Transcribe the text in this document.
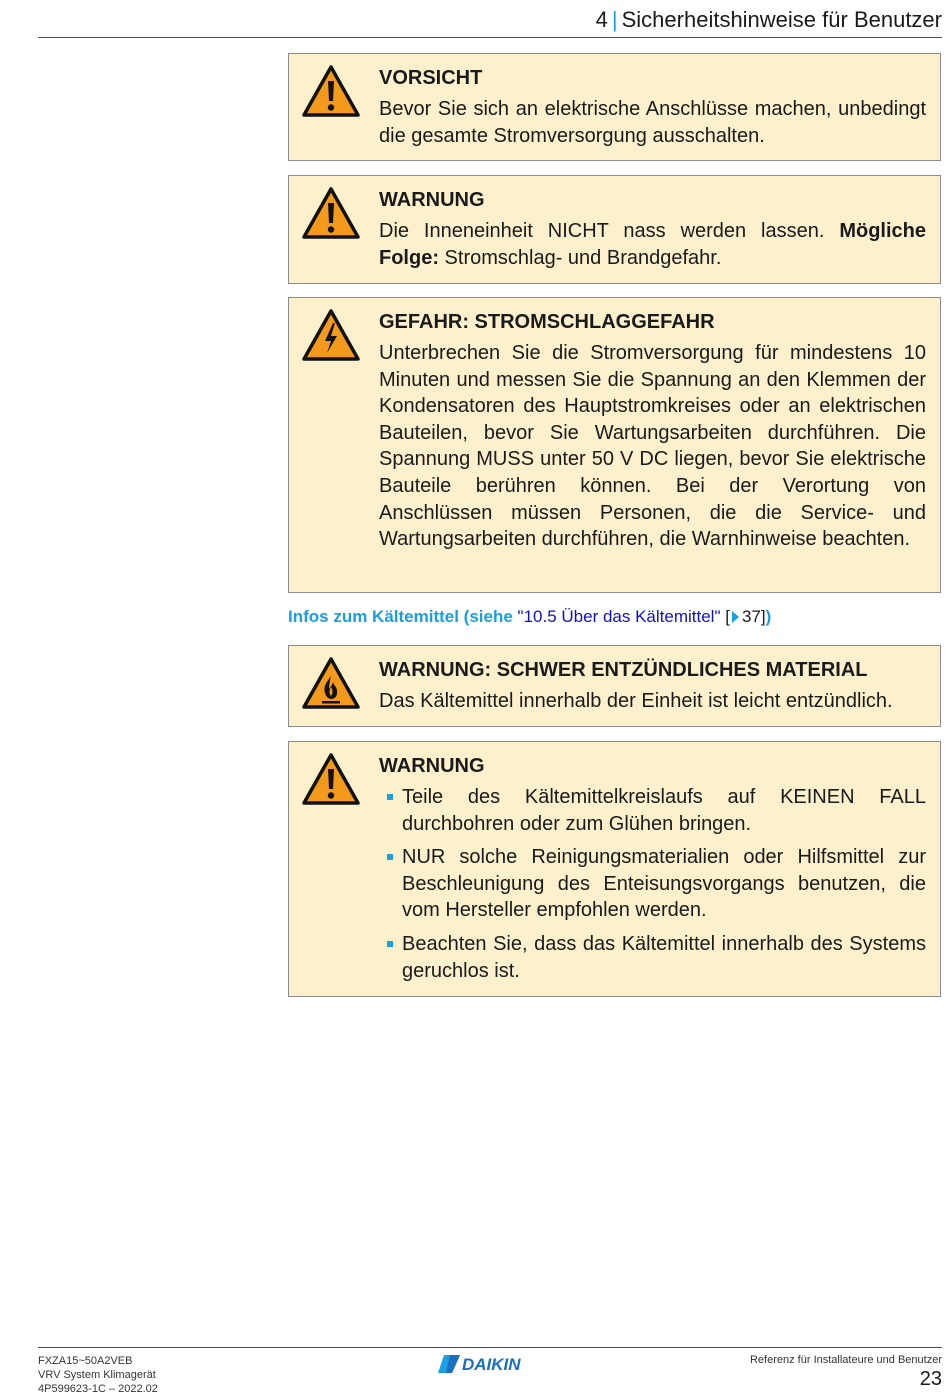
4 | Sicherheitshinweise für Benutzer
VORSICHT

Bevor Sie sich an elektrische Anschlüsse machen, unbedingt die gesamte Stromversorgung ausschalten.

WARNUNG

Die Inneneinheit NICHT nass werden lassen. Mögliche Folge: Stromschlag- und Brandgefahr.

GEFAHR: STROMSCHLAGGEFAHR

Unterbrechen Sie die Stromversorgung für mindestens 10 Minuten und messen Sie die Spannung an den Klemmen der Kondensatoren des Hauptstromkreises oder an elektrischen Bauteilen, bevor Sie Wartungsarbeiten durchführen. Die Spannung MUSS unter 50 V DC liegen, bevor Sie elektrische Bauteile berühren können. Bei der Verortung von Anschlüssen müssen Personen, die die Service- und Wartungsarbeiten durchführen, die Warnhinweise beachten.

Infos zum Kältemittel (siehe "10.5 Über das Kältemittel" [ 37])
WARNUNG: SCHWER ENTZÜNDLICHES MATERIAL

Das Kältemittel innerhalb der Einheit ist leicht entzündlich.

WARNUNG
Teile des Kältemittelkreislaufs auf KEINEN FALL durchbohren oder zum Glühen bringen.
NUR solche Reinigungsmaterialien oder Hilfsmittel zur Beschleunigung des Enteisungsvorgangs benutzen, die vom Hersteller empfohlen werden.
Beachten Sie, dass das Kältemittel innerhalb des Systems geruchlos ist.
FXZA15~50A2VEB
VRV System Klimagerät
4P599623-1C – 2022.02
DAIKIN	Referenz für Installateure und Benutzer
23
